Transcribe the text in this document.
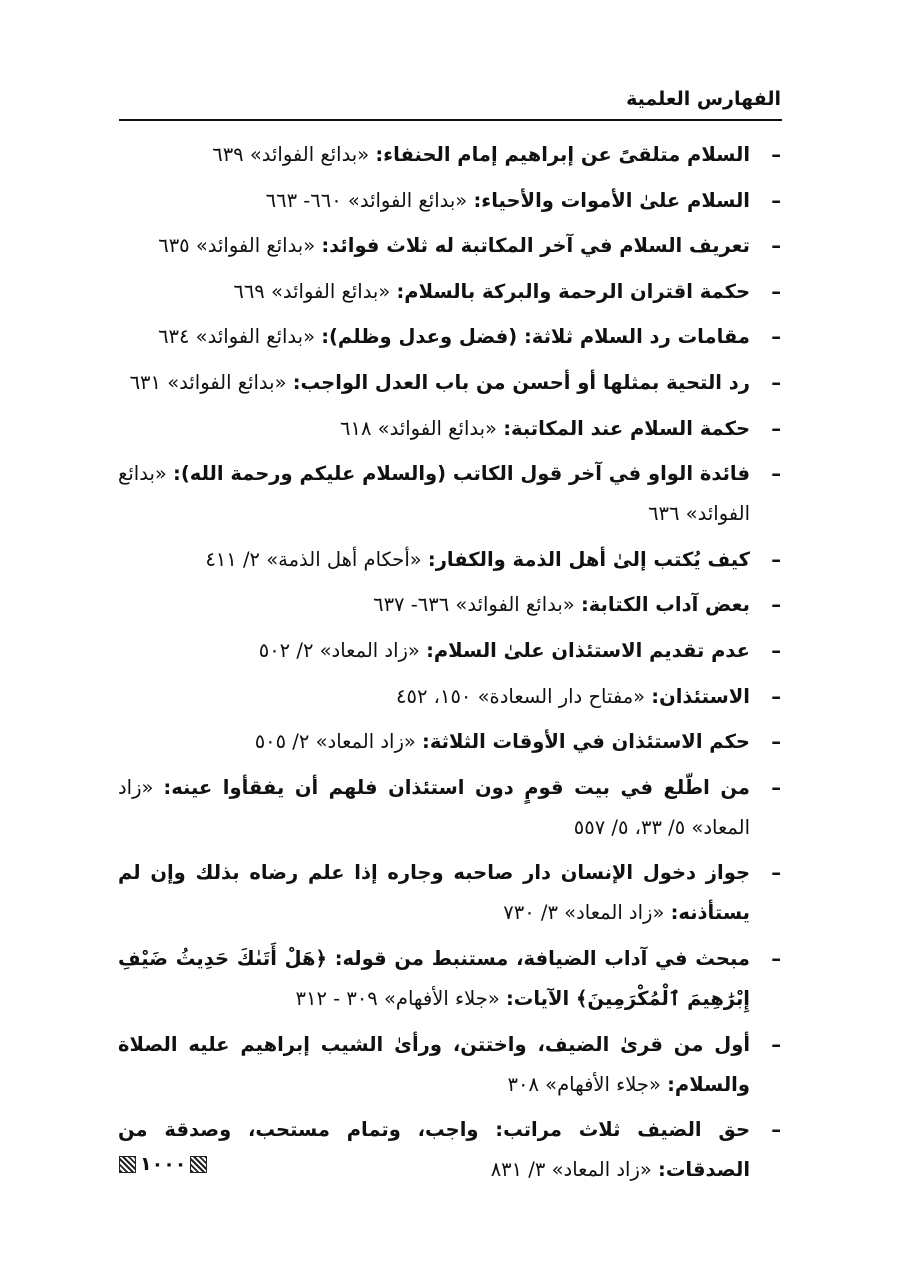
الفهارس العلمية
–
السلام متلقىً عن إبراهيم إمام الحنفاء: «بدائع الفوائد» ٦٣٩
–
السلام علىٰ الأموات والأحياء: «بدائع الفوائد» ٦٦٠- ٦٦٣
–
تعريف السلام في آخر المكاتبة له ثلاث فوائد: «بدائع الفوائد» ٦٣٥
–
حكمة اقتران الرحمة والبركة بالسلام: «بدائع الفوائد» ٦٦٩
–
مقامات رد السلام ثلاثة: (فضل وعدل وظلم): «بدائع الفوائد» ٦٣٤
–
رد التحية بمثلها أو أحسن من باب العدل الواجب: «بدائع الفوائد» ٦٣١
–
حكمة السلام عند المكاتبة: «بدائع الفوائد» ٦١٨
–
فائدة الواو في آخر قول الكاتب (والسلام عليكم ورحمة الله): «بدائع الفوائد» ٦٣٦
–
كيف يُكتب إلىٰ أهل الذمة والكفار: «أحكام أهل الذمة» ٢/ ٤١١
–
بعض آداب الكتابة: «بدائع الفوائد» ٦٣٦- ٦٣٧
–
عدم تقديم الاستئذان علىٰ السلام: «زاد المعاد» ٢/ ٥٠٢
–
الاستئذان: «مفتاح دار السعادة» ١٥٠، ٤٥٢
–
حكم الاستئذان في الأوقات الثلاثة: «زاد المعاد» ٢/ ٥٠٥
–
من اطّلع في بيت قومٍ دون استئذان فلهم أن يفقأوا عينه: «زاد المعاد» ٥/ ٣٣، ٥/ ٥٥٧
–
جواز دخول الإنسان دار صاحبه وجاره إذا علم رضاه بذلك وإن لم يستأذنه: «زاد المعاد» ٣/ ٧٣٠
–
مبحث في آداب الضيافة، مستنبط من قوله: ﴿هَلْ أَتَىٰكَ حَدِيثُ ضَيْفِ إِبْرَٰهِيمَ ٱلْمُكْرَمِينَ﴾ الآيات: «جلاء الأفهام» ٣٠٩ - ٣١٢
–
أول من قرىٰ الضيف، واختتن، ورأىٰ الشيب إبراهيم عليه الصلاة والسلام: «جلاء الأفهام» ٣٠٨
–
حق الضيف ثلاث مراتب: واجب، وتمام مستحب، وصدقة من الصدقات: «زاد المعاد» ٣/ ٨٣١
١٠٠٠
